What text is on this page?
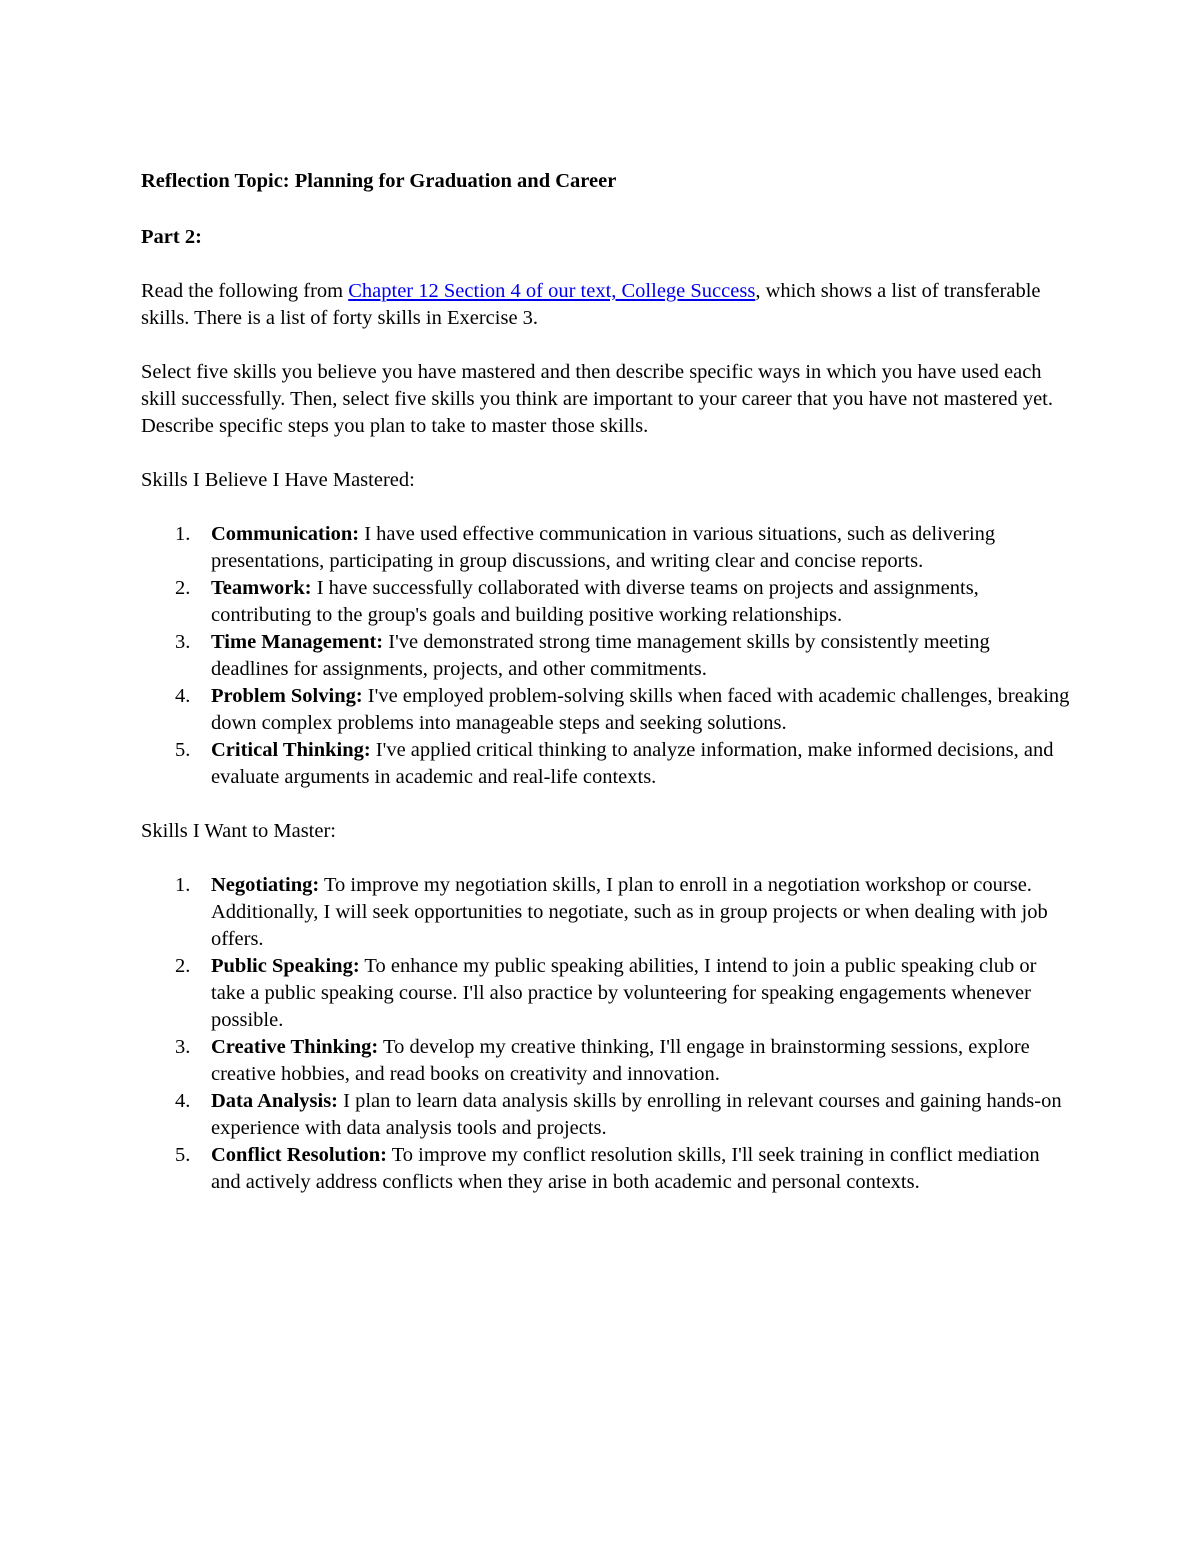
Reflection Topic: Planning for Graduation and Career

Part 2:

Read the following from Chapter 12 Section 4 of our text, College Success, which shows a list of transferable skills. There is a list of forty skills in Exercise 3.

Select five skills you believe you have mastered and then describe specific ways in which you have used each skill successfully. Then, select five skills you think are important to your career that you have not mastered yet. Describe specific steps you plan to take to master those skills.

Skills I Believe I Have Mastered:

1. Communication: I have used effective communication in various situations, such as delivering presentations, participating in group discussions, and writing clear and concise reports.
2. Teamwork: I have successfully collaborated with diverse teams on projects and assignments, contributing to the group's goals and building positive working relationships.
3. Time Management: I've demonstrated strong time management skills by consistently meeting deadlines for assignments, projects, and other commitments.
4. Problem Solving: I've employed problem-solving skills when faced with academic challenges, breaking down complex problems into manageable steps and seeking solutions.
5. Critical Thinking: I've applied critical thinking to analyze information, make informed decisions, and evaluate arguments in academic and real-life contexts.

Skills I Want to Master:

1. Negotiating: To improve my negotiation skills, I plan to enroll in a negotiation workshop or course. Additionally, I will seek opportunities to negotiate, such as in group projects or when dealing with job offers.
2. Public Speaking: To enhance my public speaking abilities, I intend to join a public speaking club or take a public speaking course. I'll also practice by volunteering for speaking engagements whenever possible.
3. Creative Thinking: To develop my creative thinking, I'll engage in brainstorming sessions, explore creative hobbies, and read books on creativity and innovation.
4. Data Analysis: I plan to learn data analysis skills by enrolling in relevant courses and gaining hands-on experience with data analysis tools and projects.
5. Conflict Resolution: To improve my conflict resolution skills, I'll seek training in conflict mediation and actively address conflicts when they arise in both academic and personal contexts.
